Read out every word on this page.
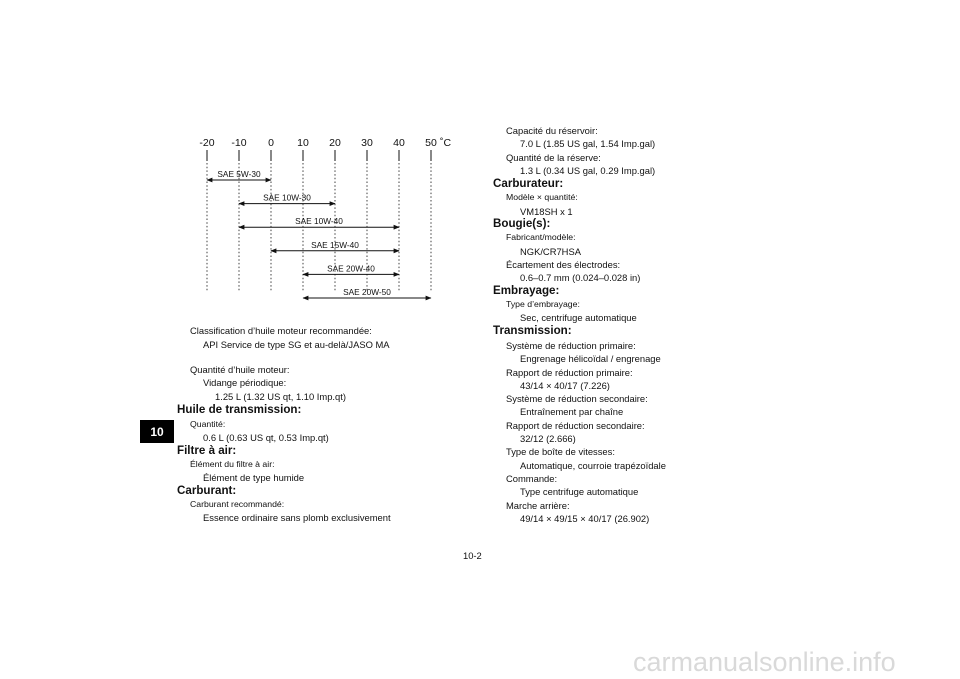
-20 -10 0 10 20 30 40 50 ˚C
SAE 5W-30
SAE 10W-30
SAE 10W-40
SAE 15W-40
SAE 20W-40
SAE 20W-50
10
Classification d’huile moteur recommandée:
API Service de type SG et au-delà/JASO MA
Quantité d’huile moteur:
Vidange périodique:
1.25 L (1.32 US qt, 1.10 Imp.qt)
Huile de transmission:
Quantité:
0.6 L (0.63 US qt, 0.53 Imp.qt)
Filtre à air:
Élément du filtre à air:
Élément de type humide
Carburant:
Carburant recommandé:
Essence ordinaire sans plomb exclusivement
Capacité du réservoir:
7.0 L (1.85 US gal, 1.54 Imp.gal)
Quantité de la réserve:
1.3 L (0.34 US gal, 0.29 Imp.gal)
Carburateur:
Modèle × quantité:
VM18SH x 1
Bougie(s):
Fabricant/modèle:
NGK/CR7HSA
Écartement des électrodes:
0.6–0.7 mm (0.024–0.028 in)
Embrayage:
Type d’embrayage:
Sec, centrifuge automatique
Transmission:
Système de réduction primaire:
Engrenage hélicoïdal / engrenage
Rapport de réduction primaire:
43/14 × 40/17 (7.226)
Système de réduction secondaire:
Entraînement par chaîne
Rapport de réduction secondaire:
32/12 (2.666)
Type de boîte de vitesses:
Automatique, courroie trapézoïdale
Commande:
Type centrifuge automatique
Marche arrière:
49/14 × 49/15 × 40/17 (26.902)
10-2
carmanualsonline.info
